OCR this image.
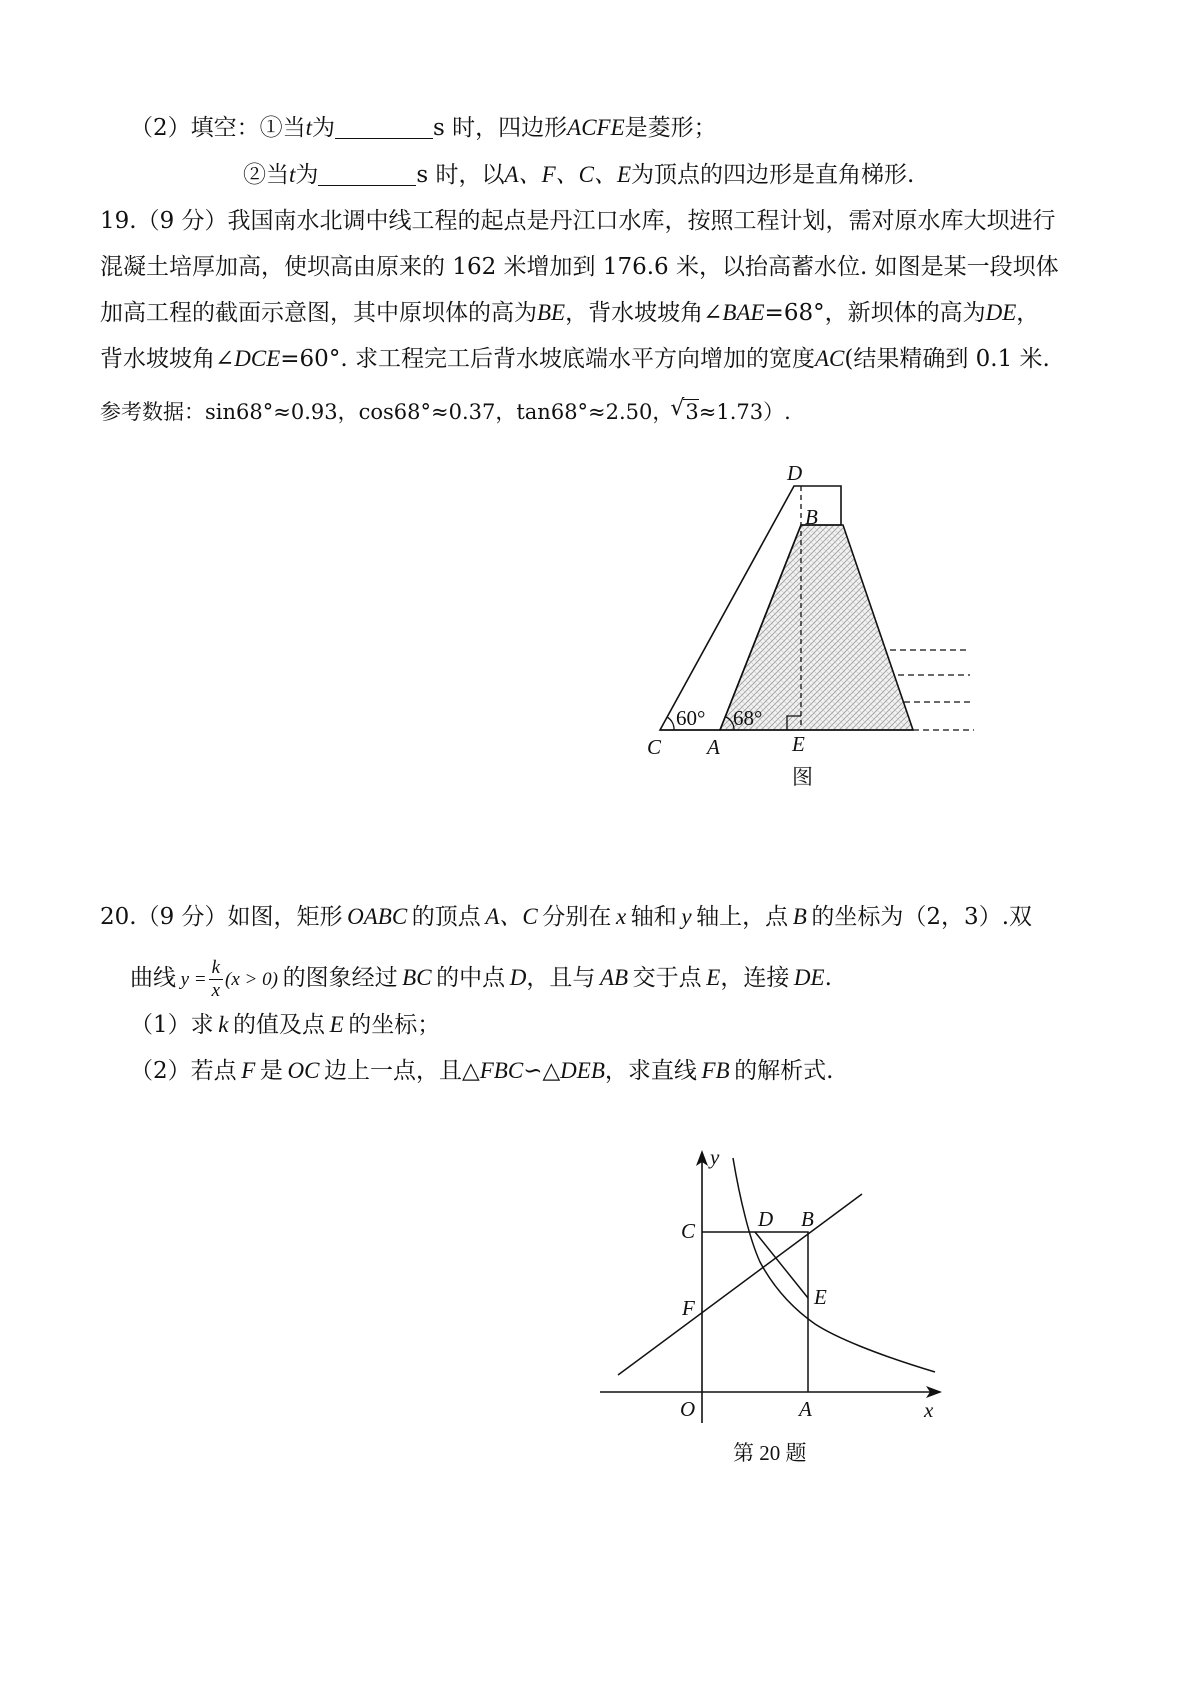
（2）填空：①当t为	s 时，四边形ACFE是菱形；
②当t为	s 时，以A、F、C、E为顶点的四边形是直角梯形.
19.（9 分）我国南水北调中线工程的起点是丹江口水库，按照工程计划，需对原水库大坝进行
混凝土培厚加高，使坝高由原来的 162 米增加到 176.6 米，以抬高蓄水位. 如图是某一段坝体
加高工程的截面示意图，其中原坝体的高为BE，背水坡坡角∠BAE=68°，新坝体的高为DE，
背水坡坡角∠DCE=60°. 求工程完工后背水坡底端水平方向增加的宽度AC(结果精确到 0.1 米.
参考数据：sin68°≈0.93，cos68°≈0.37，tan68°≈2.50，√ 3≈1.73）.
D
B
C A	E
60° 68°
图
20.（9 分）如图，矩形  OABC  的顶点  A、C  分别在  x  轴和  y  轴上，点  B  的坐标为（2，3）.双
曲线  $y = \frac{k}{x} (x > 0)$  的图象经过  BC  的中点  D，且与  AB  交于点  E，连接  DE.
（1）求  k  的值及点  E  的坐标；
（2）若点  F  是  OC  边上一点，且△FBC∽△DEB，求直线  FB  的解析式.
y
x
O	A
C	D B
E
F
第 20 题
